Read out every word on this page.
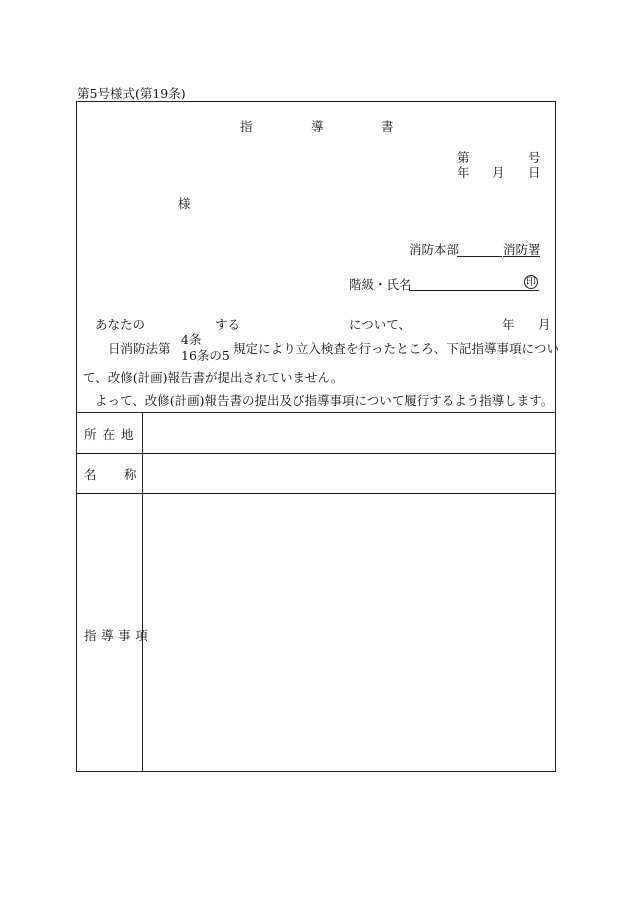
第5号様式(第19条)
指	導	書
第	号
年 月 日
様
消防本部	消防署
階級・氏名	印
あなたの	する	について、	年 月
日消防法第
4条
16条の5 規定により立入検査を行ったところ、下記指導事項につい
て、改修(計画)報告書が提出されていません。
よって、改修(計画)報告書の提出及び指導事項について履行するよう指導します。
所 在 地
名 称
指 導 事 項
